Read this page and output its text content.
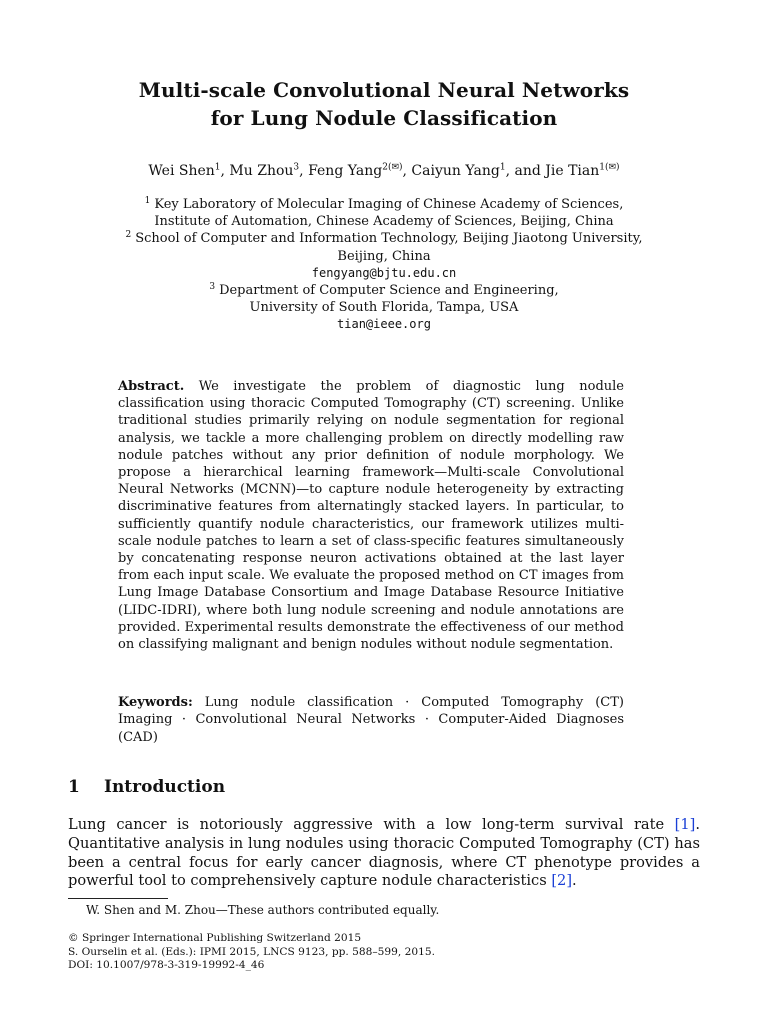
Multi-scale Convolutional Neural Networks
for Lung Nodule Classification
Wei Shen$^1$, Mu Zhou$^3$, Feng Yang$^{2(✉)}$, Caiyun Yang$^1$, and Jie Tian$^{1(✉)}$
$^1$ Key Laboratory of Molecular Imaging of Chinese Academy of Sciences,
Institute of Automation, Chinese Academy of Sciences, Beijing, China
$^2$ School of Computer and Information Technology, Beijing Jiaotong University,
Beijing, China
fengyang@bjtu.edu.cn
$^3$ Department of Computer Science and Engineering,
University of South Florida, Tampa, USA
tian@ieee.org

Abstract. We investigate the problem of diagnostic lung nodule classification using thoracic Computed Tomography (CT) screening. Unlike traditional studies primarily relying on nodule segmentation for regional analysis, we tackle a more challenging problem on directly modelling raw nodule patches without any prior definition of nodule morphology. We propose a hierarchical learning framework—Multi-scale Convolutional Neural Networks (MCNN)—to capture nodule heterogeneity by extracting discriminative features from alternatingly stacked layers. In particular, to sufficiently quantify nodule characteristics, our framework utilizes multi-scale nodule patches to learn a set of class-specific features simultaneously by concatenating response neuron activations obtained at the last layer from each input scale. We evaluate the proposed method on CT images from Lung Image Database Consortium and Image Database Resource Initiative (LIDC-IDRI), where both lung nodule screening and nodule annotations are provided. Experimental results demonstrate the effectiveness of our method on classifying malignant and benign nodules without nodule segmentation.

Keywords: Lung nodule classification · Computed Tomography (CT) Imaging · Convolutional Neural Networks · Computer-Aided Diagnoses (CAD)

1 Introduction

Lung cancer is notoriously aggressive with a low long-term survival rate [1]. Quantitative analysis in lung nodules using thoracic Computed Tomography (CT) has been a central focus for early cancer diagnosis, where CT phenotype provides a powerful tool to comprehensively capture nodule characteristics [2].

W. Shen and M. Zhou—These authors contributed equally.
© Springer International Publishing Switzerland 2015
S. Ourselin et al. (Eds.): IPMI 2015, LNCS 9123, pp. 588–599, 2015.
DOI: 10.1007/978-3-319-19992-4_46
